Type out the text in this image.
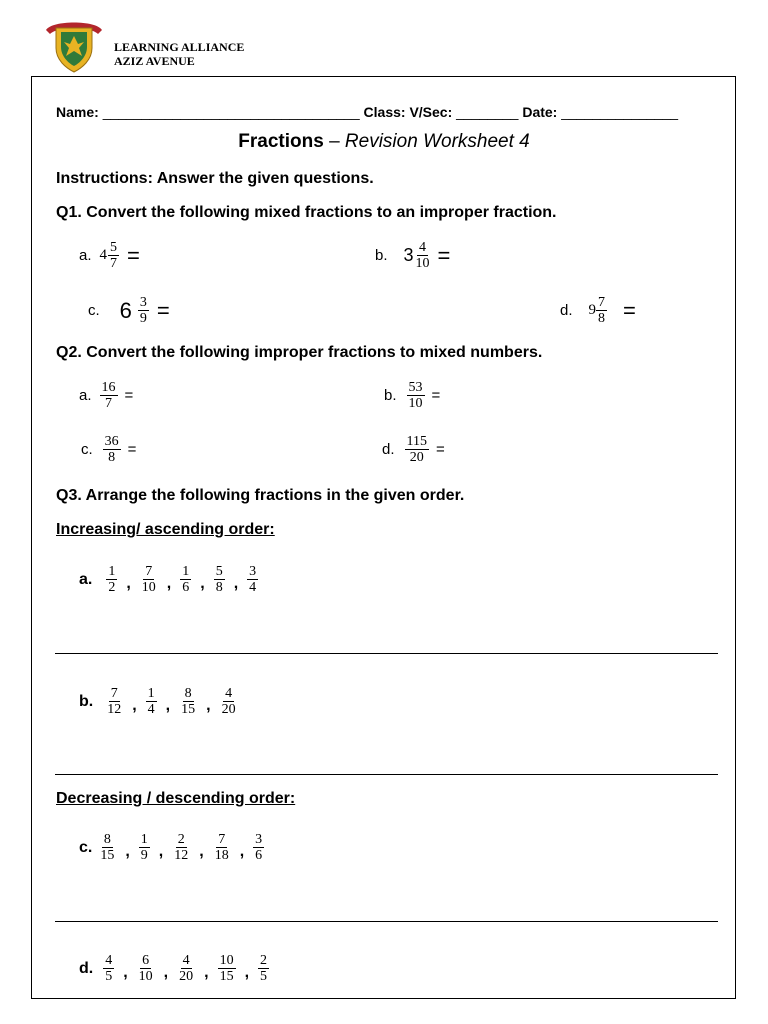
LEARNING ALLIANCE
AZIZ AVENUE
Name: _________________________________ Class: V/Sec: ________ Date: _______________
Fractions – Revision Worksheet 4
Instructions: Answer the given questions.
Q1. Convert the following mixed fractions to an improper fraction.
a. $4 \frac{5}{7}$ =	b. $3 \frac{4}{10}$ =
c. $6 \frac{3}{9}$ =	d. $9 \frac{7}{8}$ =
Q2. Convert the following improper fractions to mixed numbers.
a. $\frac{16}{7}$ =	b. $\frac{53}{10}$ =
c. $\frac{36}{8}$ =	d. $\frac{115}{20}$ =
Q3. Arrange the following fractions in the given order.
Increasing/ ascending order:
a. $\frac{1}{2}$ , $\frac{7}{10}$ , $\frac{1}{6}$ , $\frac{5}{8}$ , $\frac{3}{4}$
b. $\frac{7}{12}$ , $\frac{1}{4}$ , $\frac{8}{15}$ , $\frac{4}{20}$
Decreasing / descending order:
c. $\frac{8}{15}$ , $\frac{1}{9}$ , $\frac{2}{12}$ , $\frac{7}{18}$ , $\frac{3}{6}$
d. $\frac{4}{5}$ , $\frac{6}{10}$ , $\frac{4}{20}$ , $\frac{10}{15}$ , $\frac{2}{5}$
